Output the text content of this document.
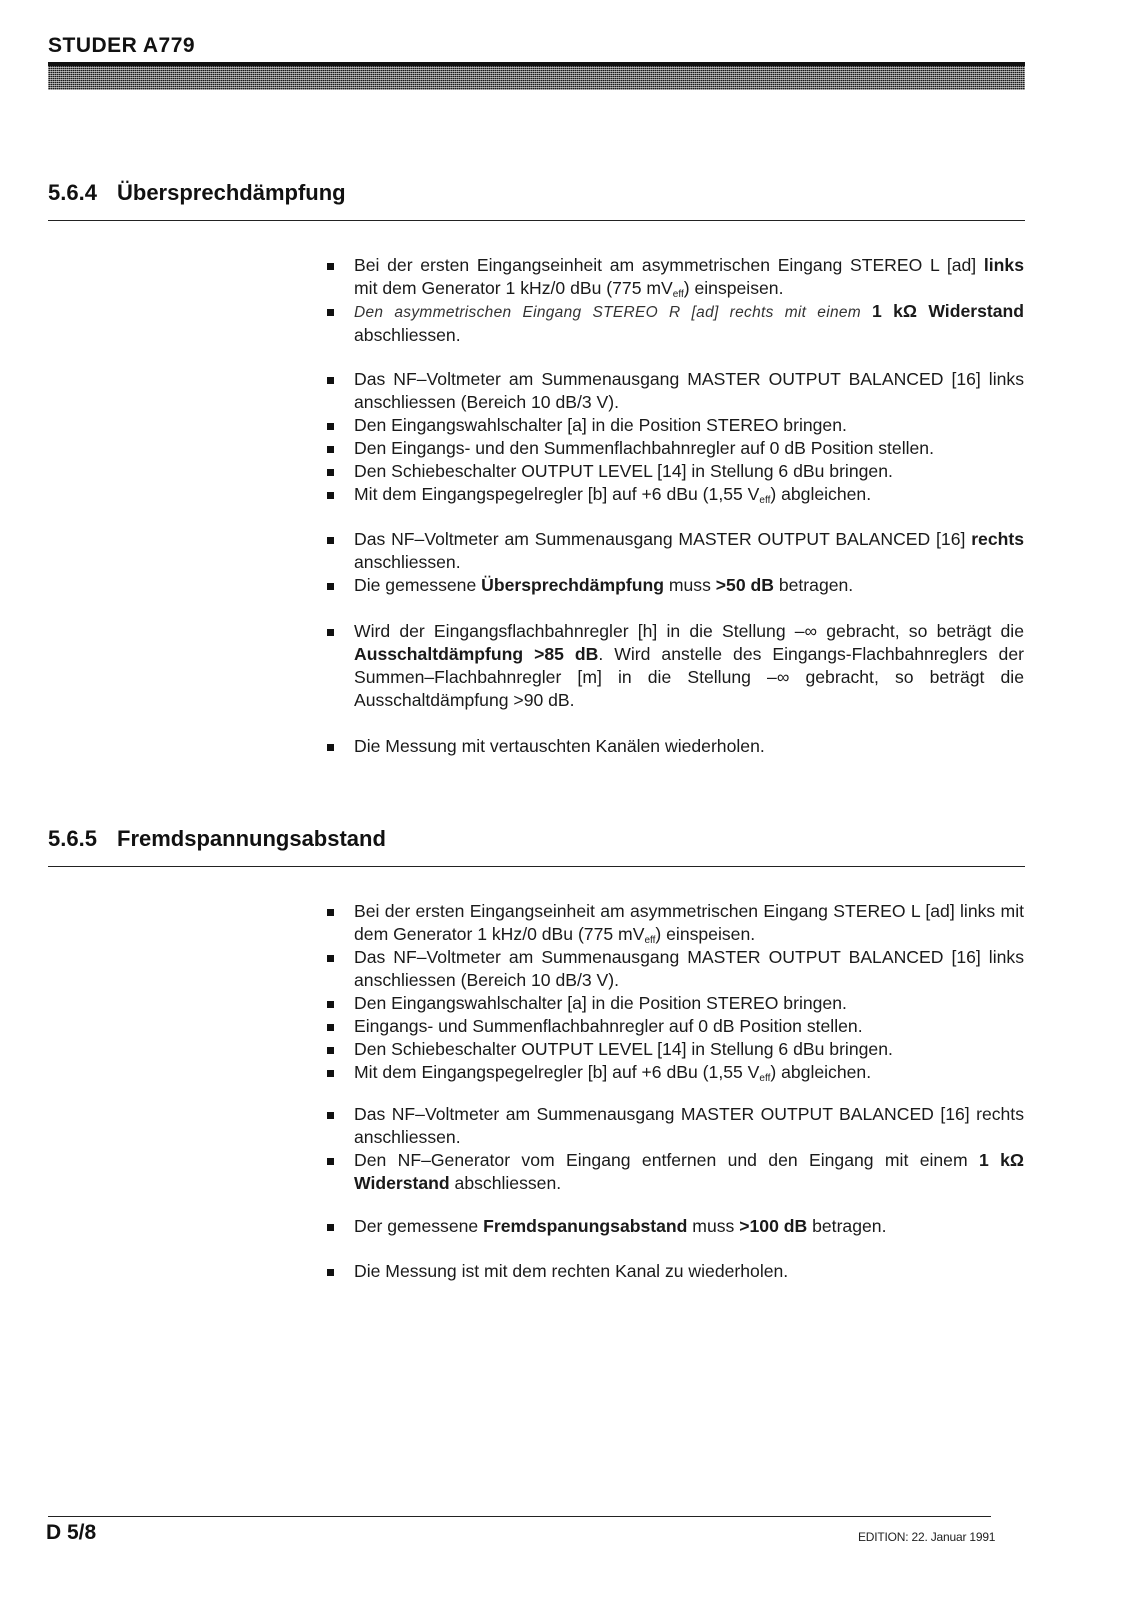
STUDER A779
5.6.4 Übersprechdämpfung
Bei der ersten Eingangseinheit am asymmetrischen Eingang STEREO L [ad] links mit dem Generator 1 kHz/0 dBu (775 $mV_{eff}$) einspeisen.
Den asymmetrischen Eingang STEREO R [ad] rechts mit einem 1 kΩ Widerstand abschliessen.
Das NF–Voltmeter am Summenausgang MASTER OUTPUT BALANCED [16] links anschliessen (Bereich 10 dB/3 V).
Den Eingangswahlschalter [a] in die Position STEREO bringen.
Den Eingangs- und den Summenflachbahnregler auf 0 dB Position stellen.
Den Schiebeschalter OUTPUT LEVEL [14] in Stellung 6 dBu bringen.
Mit dem Eingangspegelregler [b] auf +6 dBu (1,55 $V_{eff}$) abgleichen.
Das NF–Voltmeter am Summenausgang MASTER OUTPUT BALANCED [16] rechts anschliessen.
Die gemessene Übersprechdämpfung muss >50 dB betragen.
Wird der Eingangsflachbahnregler [h] in die Stellung –∞ gebracht, so beträgt die Ausschaltdämpfung >85 dB. Wird anstelle des Eingangs-Flachbahnreglers der Summen–Flachbahnregler [m] in die Stellung –∞ gebracht, so beträgt die Ausschaltdämpfung >90 dB.
Die Messung mit vertauschten Kanälen wiederholen.
5.6.5 Fremdspannungsabstand
Bei der ersten Eingangseinheit am asymmetrischen Eingang STEREO L [ad] links mit dem Generator 1 kHz/0 dBu (775 $mV_{eff}$) einspeisen.
Das NF–Voltmeter am Summenausgang MASTER OUTPUT BALANCED [16] links anschliessen (Bereich 10 dB/3 V).
Den Eingangswahlschalter [a] in die Position STEREO bringen.
Eingangs- und Summenflachbahnregler auf 0 dB Position stellen.
Den Schiebeschalter OUTPUT LEVEL [14] in Stellung 6 dBu bringen.
Mit dem Eingangspegelregler [b] auf +6 dBu (1,55 $V_{eff}$) abgleichen.
Das NF–Voltmeter am Summenausgang MASTER OUTPUT BALANCED [16] rechts anschliessen.
Den NF–Generator vom Eingang entfernen und den Eingang mit einem 1 kΩ Widerstand abschliessen.
Der gemessene Fremdspanungsabstand muss >100 dB betragen.
Die Messung ist mit dem rechten Kanal zu wiederholen.
D 5/8	EDITION: 22. Januar 1991
